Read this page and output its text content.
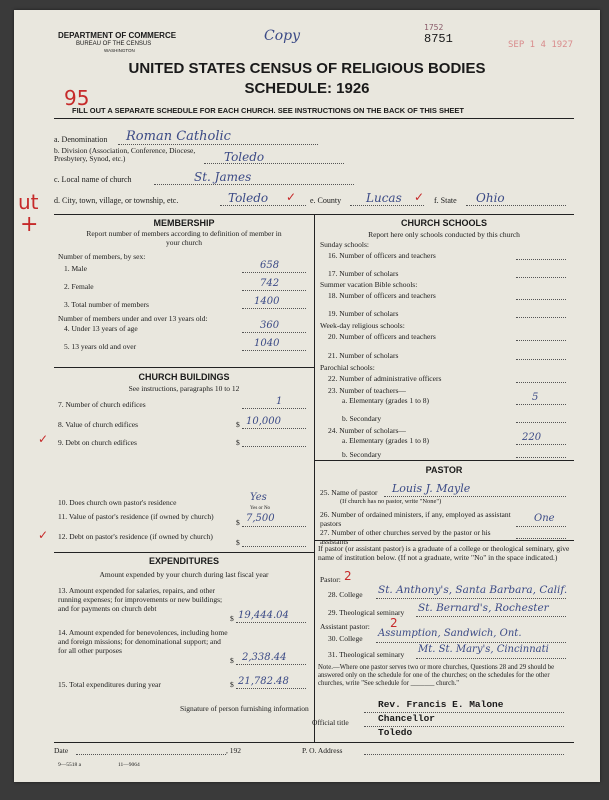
DEPARTMENT OF COMMERCE
BUREAU OF THE CENSUS
WASHINGTON
Copy
1752
8751	SEP 1 4 1927
UNITED STATES CENSUS OF RELIGIOUS BODIES
SCHEDULE: 1926
95
FILL OUT A SEPARATE SCHEDULE FOR EACH CHURCH. SEE INSTRUCTIONS ON THE BACK OF THIS SHEET
a. Denomination Roman Catholic
b. Division (Association, Conference, Diocese, Presbytery, Synod, etc.)	Toledo
c. Local name of church	St. James
ut
+
d. City, town, village, or township, etc.	Toledo ✓ e. County Lucas ✓ f. State Ohio
MEMBERSHIP
Report number of members according to definition of member in your church
Number of members, by sex:
1. Male	658
2. Female	742
3. Total number of members	1400
Number of members under and over 13 years old:
4. Under 13 years of age	360
5. 13 years old and over	1040
CHURCH BUILDINGS
See instructions, paragraphs 10 to 12
7. Number of church edifices	1
8. Value of church edifices	$ 10,000
✓ 9. Debt on church edifices	$
10. Does church own pastor's residence	Yes
Yes or No
11. Value of pastor's residence (if owned by church)
$ 7,500
✓ 12. Debt on pastor's residence (if owned by church)
$
EXPENDITURES
Amount expended by your church during last fiscal year
13. Amount expended for salaries, repairs, and other running expenses; for improvements or new buildings; and for payments on church debt
$ 19,444.04
14. Amount expended for benevolences, including home and foreign missions; for denominational support; and for all other purposes
$ 2,338.44
15. Total expenditures during year	$ 21,782.48
CHURCH SCHOOLS
Report here only schools conducted by this church
Sunday schools:
16. Number of officers and teachers
17. Number of scholars
Summer vacation Bible schools:
18. Number of officers and teachers
19. Number of scholars
Week-day religious schools:
20. Number of officers and teachers
21. Number of scholars
Parochial schools:
22. Number of administrative officers
23. Number of teachers—
a. Elementary (grades 1 to 8)	5
b. Secondary
24. Number of scholars—
a. Elementary (grades 1 to 8)	220
b. Secondary
PASTOR
25. Name of pastor Louis J. Mayle
(If church has no pastor, write "None")
26. Number of ordained ministers, if any, employed as assistant pastors	One
27. Number of other churches served by the pastor or his assistants
If pastor (or assistant pastor) is a graduate of a college or theological seminary, give name of institution below. (If not a graduate, write "No" in the space indicated.)
Pastor: 2
28. College St. Anthony's, Santa Barbara, Calif.
29. Theological seminary St. Bernard's, Rochester
Assistant pastor: 2
30. College Assumption, Sandwich, Ont.
31. Theological seminary Mt. St. Mary's, Cincinnati
Note.—Where one pastor serves two or more churches, Questions 28 and 29 should be answered only on the schedule for one of the churches; on the schedules for the other churches, write "See schedule for _______ church."
Signature of person furnishing information	Rev. Francis E. Malone
Official title	Chancellor
Date	, 192	P. O. Address
Toledo
9—5518 a	11—9064
